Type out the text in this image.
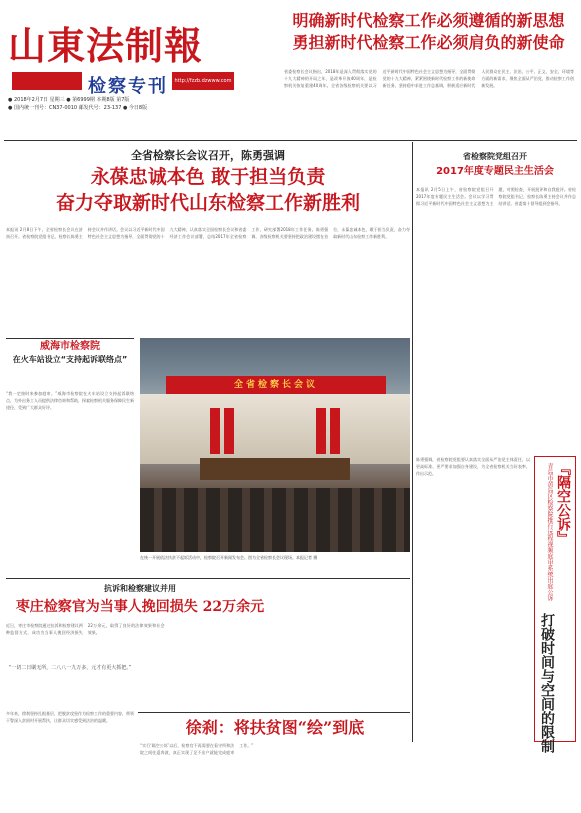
山東法制報
检察专刊	http://fzzb.dzwww.com
● 2018年2月7日 星期三 ● 第6999期 本期8版 第7版
● 国内统一刊号：CN37-0010 邮发代号：23-137 ● 今日8版
明确新时代检察工作必须遵循的新思想
勇担新时代检察工作必须肩负的新使命
省委检察长会议指出，2018年是深入贯彻落实党的十九大精神的开局之年，是改革开放40周年，是检察机关恢复重建40周年。全省各级检察机关要以习近平新时代中国特色社会主义思想为指导，全面贯彻党的十九大精神，紧紧围绕新时代检察工作的新使命新任务，坚持稳中求进工作总基调，积极适应新时代人民群众在民主、法治、公平、正义、安全、环境等方面的新需求，聚焦全面从严治党、推动检察工作创新发展。
全省检察长会议召开，陈勇强调
永葆忠诚本色 敢于担当负责
奋力夺取新时代山东检察工作新胜利
本报讯 2月8日下午，全省检察长会议在济南召开。省检察院党组书记、检察长陈勇主持会议并作讲话。会议以习近平新时代中国特色社会主义思想为指导，全面贯彻党的十九大精神，认真落实全国检察长会议和省委经济工作会议部署，总结2017年全省检察工作，研究部署2018年工作任务。陈勇强调，各级检察机关要坚持把政治建设摆在首位，永葆忠诚本色，敢于担当负责，奋力夺取新时代山东检察工作新胜利。
省检察院党组召开
2017年度专题民主生活会
本报讯 2月5日上午，省检察院党组召开2017年度专题民主生活会。会议以学习贯彻习近平新时代中国特色社会主义思想为主题，对照检查，开展批评和自我批评。省检察院党组书记、检察长陈勇主持会议并作总结讲话。省委第十督导组到会指导。
陈勇强调，省检察院党组要认真落实全面从严治党主体责任，以更高标准、更严要求加强自身建设，为全省检察机关当好表率、作出示范。
威海市检察院
在火车站设立“支持起诉联络点”
“我一定按时来参加庭审。”威海市检察院在火车站设立支持起诉联络点，为外出务工人员提供法律咨询和帮助，探索检察机关服务保障民生新途径，受到广大群众好评。
全省检察长会议
在统一开展依法扶贫不起诉活动中，检察院召开新闻发布会。图为全省检察长会议现场。本报记者 摄
抗诉和检察建议并用
枣庄检察官为当事人挽回损失 22万余元
近日，枣庄市检察院通过抗诉和检察建议两种监督方式，成功为当事人挽回经济损失22万余元，取得了良好的法律效果和社会效果。
“一切二日刷无所，二八八一九万多，元才有更大抓把。”
多年来，徐刹坚持扎根基层，把脱贫攻坚作为检察工作的重要内容，带领干警深入贫困村开展帮扶，让群众切实感受到法治的温暖。	徐刹：将扶贫图“绘”到底
“实行‘隔空公诉’以后，检察官不再需要在看守所和法院之间往返奔波，真正实现了足不出户就能完成庭审工作。”
『隔空公诉』
青岛市黄岛区检察院推行远程视频庭审系统出庭公诉
打破时间与空间的限制
